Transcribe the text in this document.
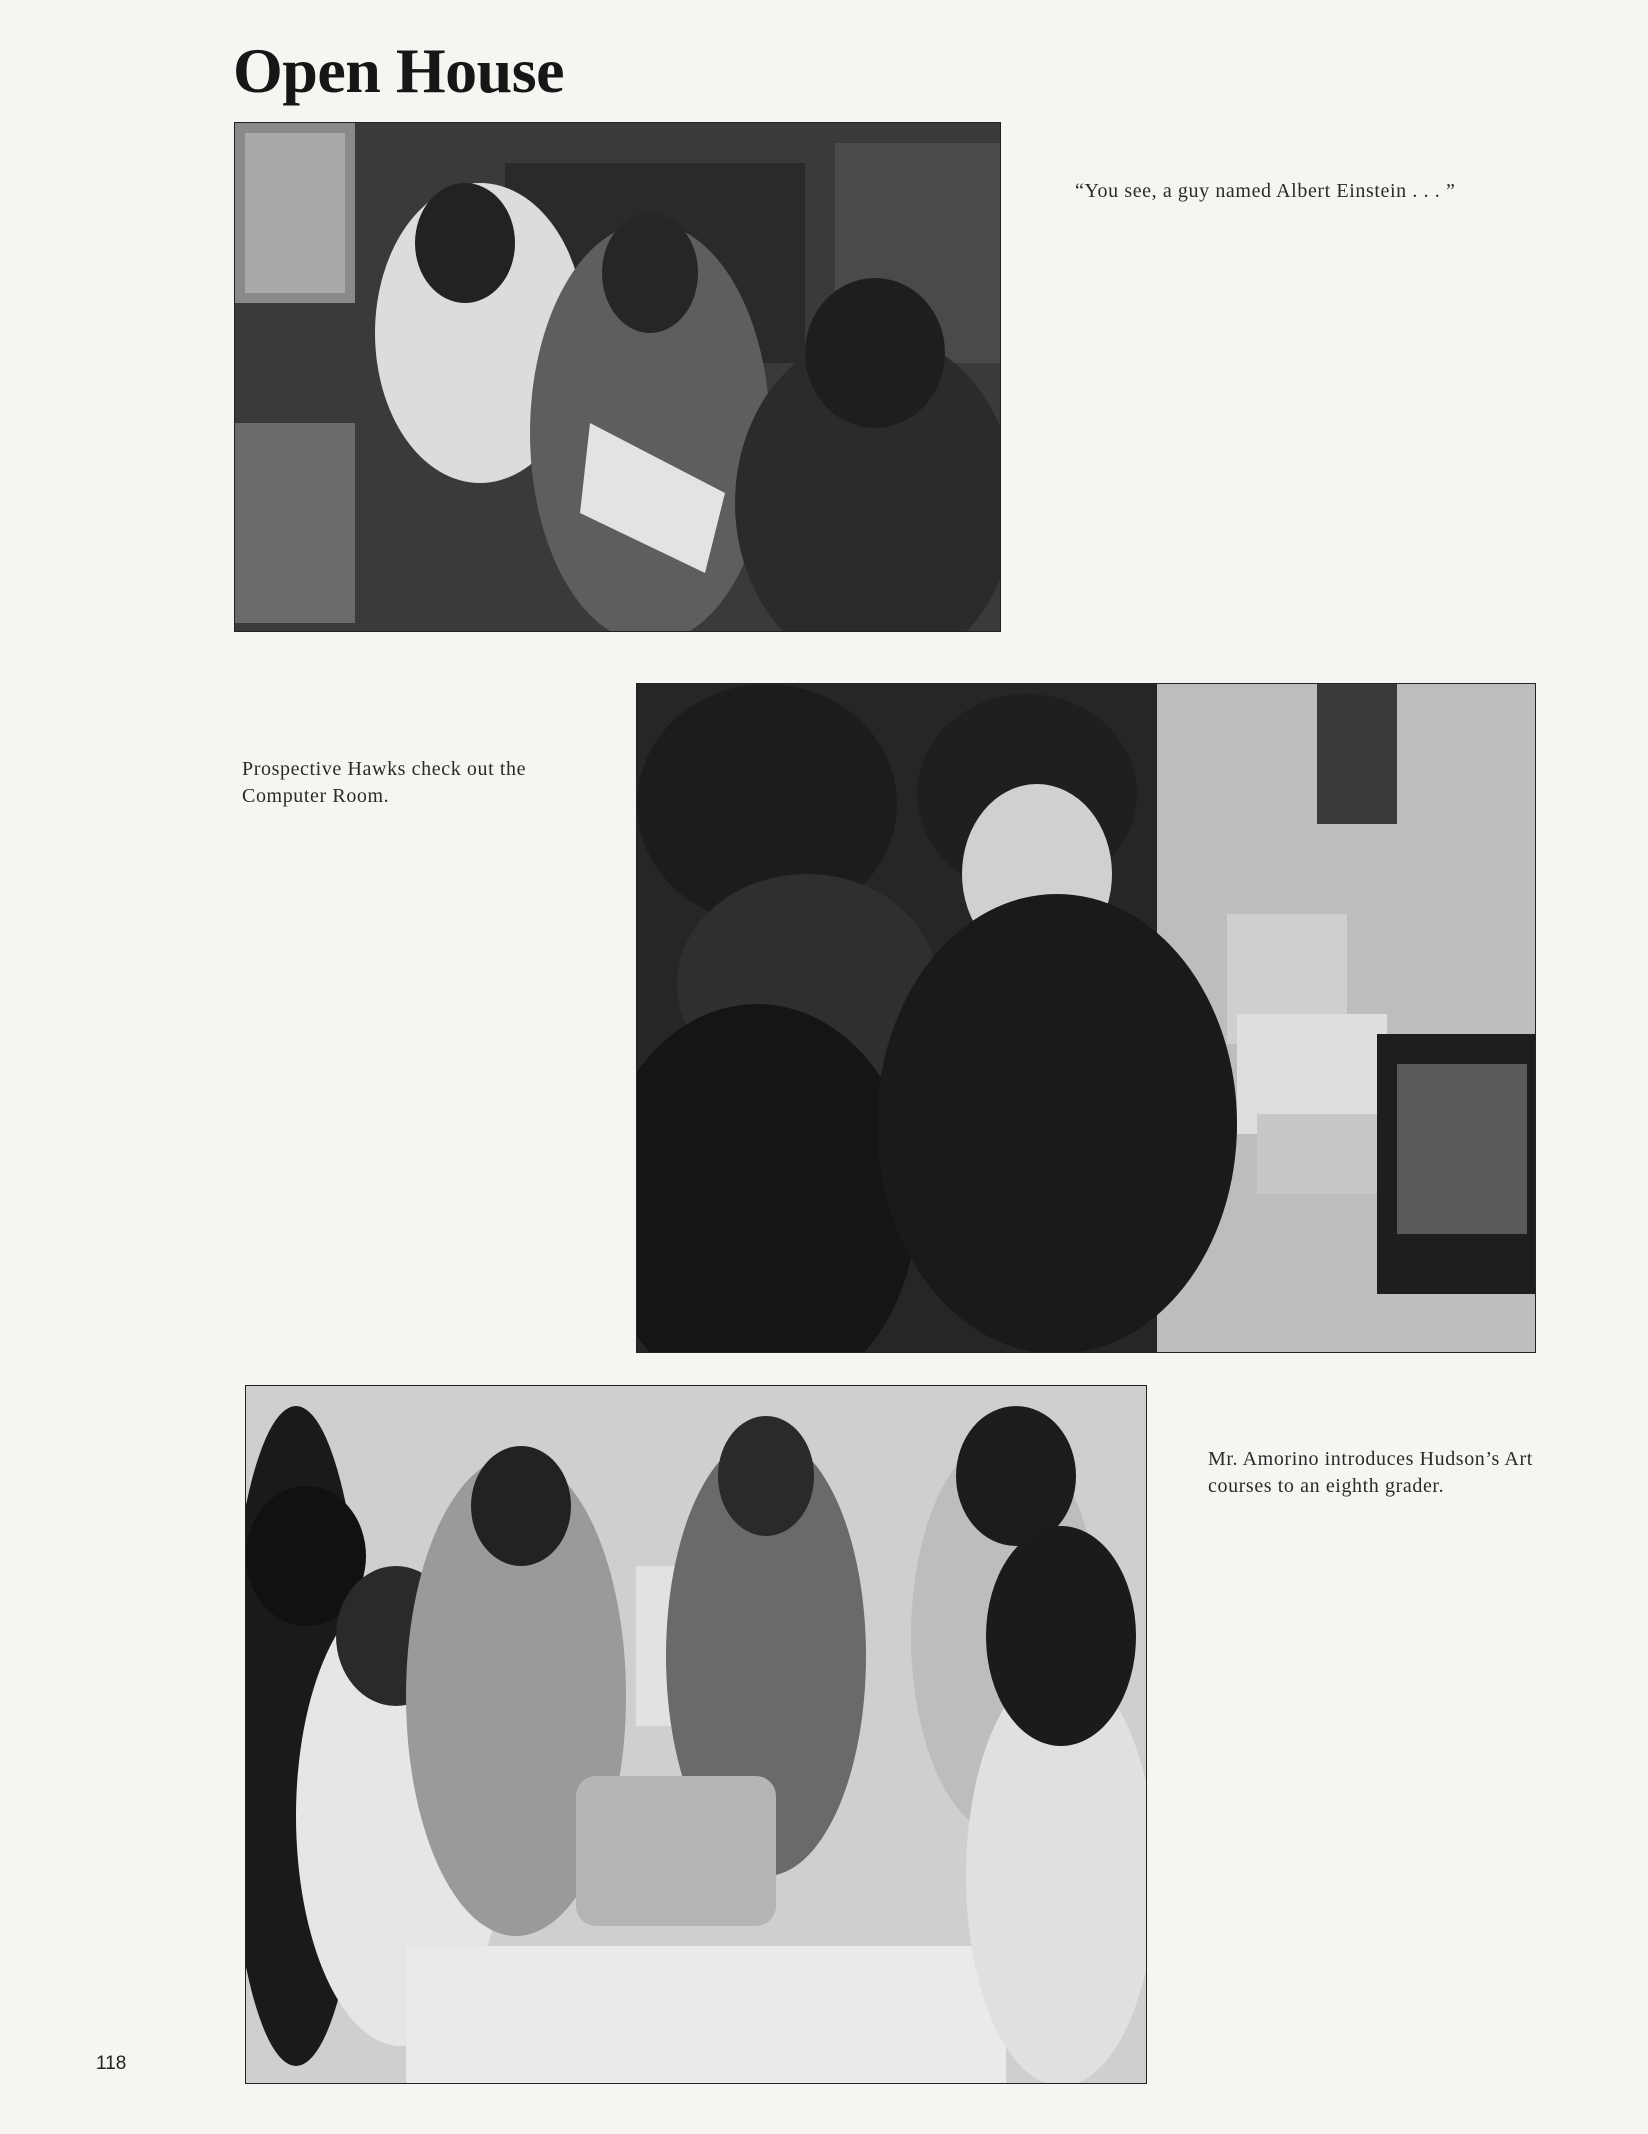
Open House
“You see, a guy named Albert Einstein . . . ”
Prospective Hawks check out the Computer Room.
Mr. Amorino introduces Hudson’s Art courses to an eighth grader.
118
